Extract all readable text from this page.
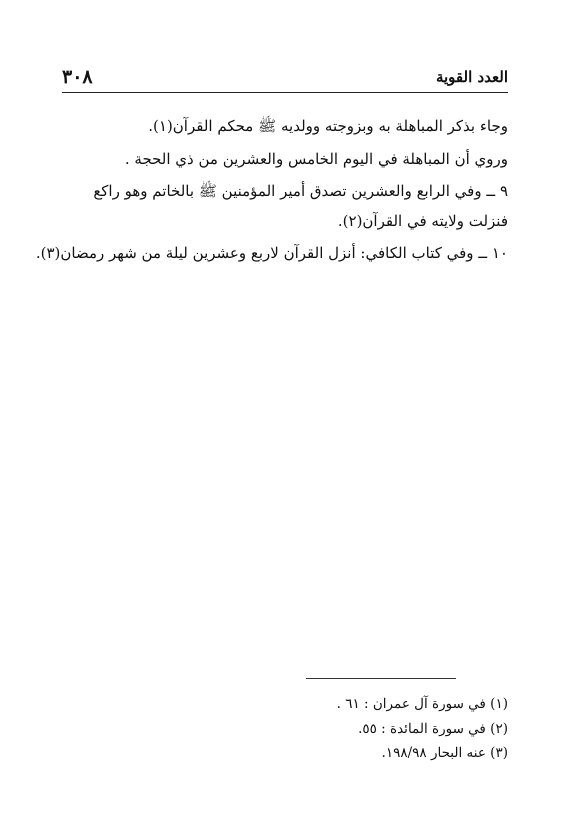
٣٠٨	العدد القوية
وجاء بذكر المباهلة به وبزوجته وولديه ﷺ محكم القرآن(١).
وروي أن المباهلة في اليوم الخامس والعشرين من ذي الحجة .
٩ ــ وفي الرابع والعشرين تصدق أمير المؤمنين ﷺ بالخاتم وهو راكع
فنزلت ولايته في القرآن(٢).
١٠ ــ وفي كتاب الكافي: أنزل القرآن لاربع وعشرين ليلة من شهر رمضان(٣).
(١) في سورة آل عمران : ٦١ .
(٢) في سورة المائدة : ٥٥.
(٣) عنه البحار ١٩٨/٩٨.
